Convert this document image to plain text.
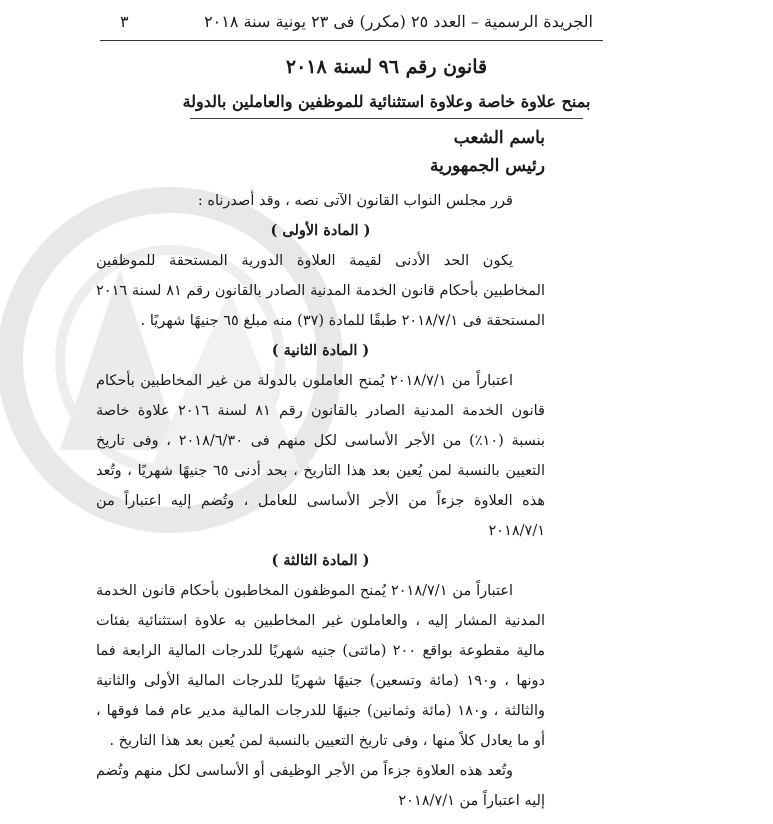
الجريدة الرسمية – العدد ٢٥ (مكرر) فى ٢٣ يونية سنة ٢٠١٨
٣
قانون رقم ٩٦ لسنة ٢٠١٨
بمنح علاوة خاصة وعلاوة استثنائية للموظفين والعاملين بالدولة
باسم الشعب
رئيس الجمهورية

قرر مجلس النواب القانون الآتى نصه ، وقد أصدرناه :

( المادة الأولى )

يكون الحد الأدنى لقيمة العلاوة الدورية المستحقة للموظفين المخاطبين بأحكام قانون الخدمة المدنية الصادر بالقانون رقم ٨١ لسنة ٢٠١٦ المستحقة فى ٢٠١٨/٧/١ طبقًا للمادة (٣٧) منه مبلغ ٦٥ جنيهًا شهريًا .

( المادة الثانية )

اعتباراً من ٢٠١٨/٧/١ يُمنح العاملون بالدولة من غير المخاطبين بأحكام قانون الخدمة المدنية الصادر بالقانون رقم ٨١ لسنة ٢٠١٦ علاوة خاصة بنسبة (١٠٪) من الأجر الأساسى لكل منهم فى ٢٠١٨/٦/٣٠ ، وفى تاريخ التعيين بالنسبة لمن يُعين بعد هذا التاريخ ، بحد أدنى ٦٥ جنيهًا شهريًا ، وتُعد هذه العلاوة جزءاً من الأجر الأساسى للعامل ، وتُضم إليه اعتباراً من ٢٠١٨/٧/١

( المادة الثالثة )

اعتباراً من ٢٠١٨/٧/١ يُمنح الموظفون المخاطبون بأحكام قانون الخدمة المدنية المشار إليه ، والعاملون غير المخاطبين به علاوة استثنائية بفئات مالية مقطوعة بواقع ٢٠٠ (مائتى) جنيه شهريًا للدرجات المالية الرابعة فما دونها ، و١٩٠ (مائة وتسعين) جنيهًا شهريًا للدرجات المالية الأولى والثانية والثالثة ، و١٨٠ (مائة وثمانين) جنيهًا للدرجات المالية مدير عام فما فوقها ، أو ما يعادل كلاً منها ، وفى تاريخ التعيين بالنسبة لمن يُعين بعد هذا التاريخ .

وتُعد هذه العلاوة جزءاً من الأجر الوظيفى أو الأساسى لكل منهم وتُضم إليه اعتباراً من ٢٠١٨/٧/١
